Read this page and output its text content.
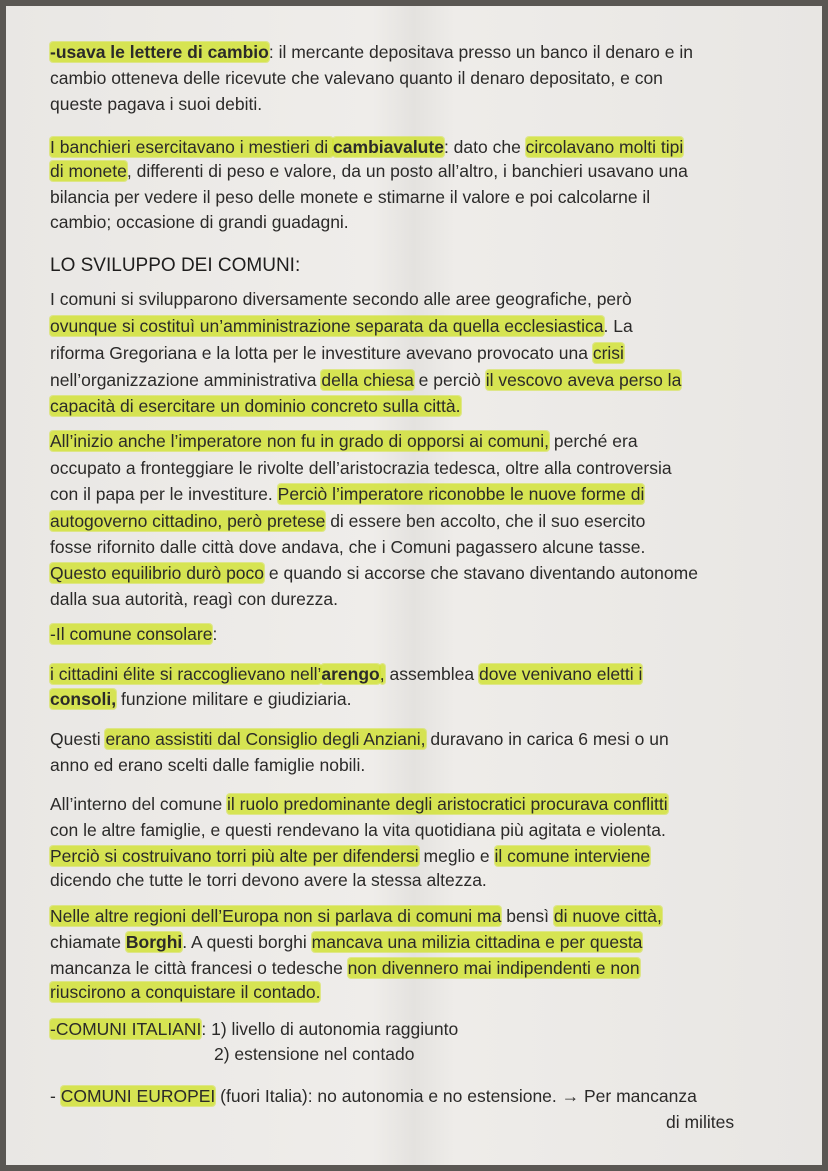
-usava le lettere di cambio: il mercante depositava presso un banco il denaro e in
cambio otteneva delle ricevute che valevano quanto il denaro depositato, e con
queste pagava i suoi debiti.
I banchieri esercitavano i mestieri di cambiavalute: dato che circolavano molti tipi
di monete, differenti di peso e valore, da un posto all’altro, i banchieri usavano una
bilancia per vedere il peso delle monete e stimarne il valore e poi calcolarne il
cambio; occasione di grandi guadagni.
LO SVILUPPO DEI COMUNI:
I comuni si svilupparono diversamente secondo alle aree geografiche, però
ovunque si costituì un’amministrazione separata da quella ecclesiastica. La
riforma Gregoriana e la lotta per le investiture avevano provocato una crisi
nell’organizzazione amministrativa della chiesa e perciò il vescovo aveva perso la
capacità di esercitare un dominio concreto sulla città.
All’inizio anche l’imperatore non fu in grado di opporsi ai comuni, perché era
occupato a fronteggiare le rivolte dell’aristocrazia tedesca, oltre alla controversia
con il papa per le investiture. Perciò l’imperatore riconobbe le nuove forme di
autogoverno cittadino, però pretese di essere ben accolto, che il suo esercito
fosse rifornito dalle città dove andava, che i Comuni pagassero alcune tasse.
Questo equilibrio durò poco e quando si accorse che stavano diventando autonome
dalla sua autorità, reagì con durezza.
-Il comune consolare:
i cittadini élite si raccoglievano nell’arengo, assemblea dove venivano eletti i
consoli, funzione militare e giudiziaria.
Questi erano assistiti dal Consiglio degli Anziani, duravano in carica 6 mesi o un
anno ed erano scelti dalle famiglie nobili.
All’interno del comune il ruolo predominante degli aristocratici procurava conflitti
con le altre famiglie, e questi rendevano la vita quotidiana più agitata e violenta.
Perciò si costruivano torri più alte per difendersi meglio e il comune interviene
dicendo che tutte le torri devono avere la stessa altezza.
Nelle altre regioni dell’Europa non si parlava di comuni ma bensì di nuove città,
chiamate Borghi. A questi borghi mancava una milizia cittadina e per questa
mancanza le città francesi o tedesche non divennero mai indipendenti e non
riuscirono a conquistare il contado.
-COMUNI ITALIANI: 1) livello di autonomia raggiunto
2) estensione nel contado
- COMUNI EUROPEI (fuori Italia): no autonomia e no estensione. → Per mancanza
di milites
